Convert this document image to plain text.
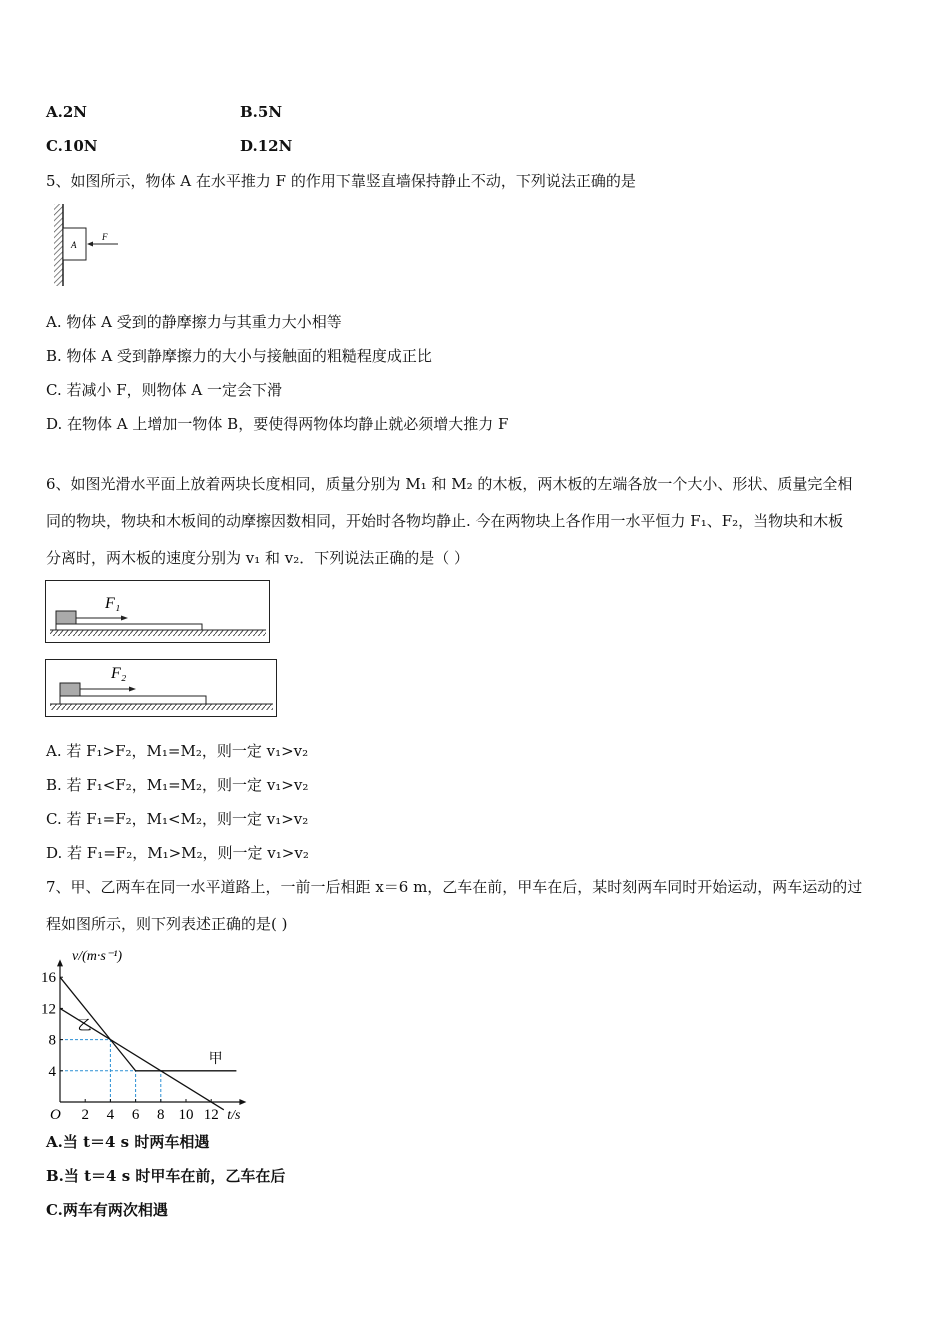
A.2N	B.5N
C.10N	D.12N
5、如图所示，物体 A 在水平推力 F 的作用下靠竖直墙保持静止不动，下列说法正确的是
A
F
A. 物体 A 受到的静摩擦力与其重力大小相等
B. 物体 A 受到静摩擦力的大小与接触面的粗糙程度成正比
C. 若减小 F，则物体 A 一定会下滑
D. 在物体 A 上增加一物体 B，要使得两物体均静止就必须增大推力 F
6、如图光滑水平面上放着两块长度相同，质量分别为 M₁ 和 M₂ 的木板，两木板的左端各放一个大小、形状、质量完全相
同的物块，物块和木板间的动摩擦因数相同，开始时各物均静止. 今在两物块上各作用一水平恒力 F₁、F₂，当物块和木板
分离时，两木板的速度分别为 v₁ 和 v₂．下列说法正确的是（ ）
F₁
F₂
A. 若 F₁>F₂，M₁=M₂，则一定 v₁>v₂
B. 若 F₁<F₂，M₁=M₂，则一定 v₁>v₂
C. 若 F₁=F₂，M₁<M₂，则一定 v₁>v₂
D. 若 F₁=F₂，M₁>M₂，则一定 v₁>v₂
7、甲、乙两车在同一水平道路上，一前一后相距 x＝6 m，乙车在前，甲车在后，某时刻两车同时开始运动，两车运动的过
程如图所示，则下列表述正确的是( )
2 4 6 8 10 12
4
8
12
16
v/(m·s⁻¹)
t/s
O
甲
乙
A.当 t＝4 s 时两车相遇
B.当 t＝4 s 时甲车在前，乙车在后
C.两车有两次相遇
